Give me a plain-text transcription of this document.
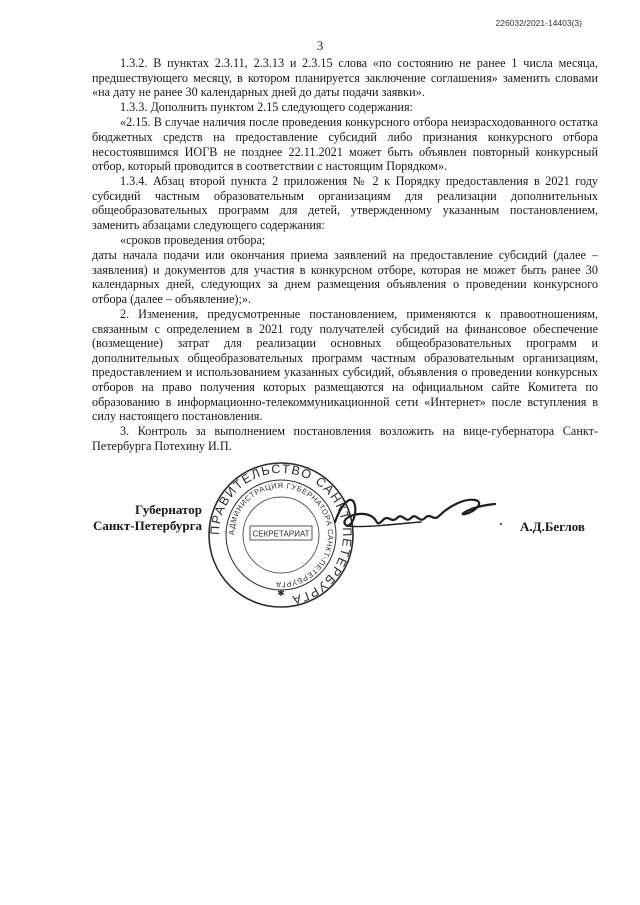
226032/2021-14403(3)
3

1.3.2. В пунктах 2.3.11, 2.3.13 и 2.3.15 слова «по состоянию не ранее 1 числа месяца, предшествующего месяцу, в котором планируется заключение соглашения» заменить словами «на дату не ранее 30 календарных дней до даты подачи заявки».

1.3.3. Дополнить пунктом 2.15 следующего содержания:

«2.15. В случае наличия после проведения конкурсного отбора неизрасходованного остатка бюджетных средств на предоставление субсидий либо признания конкурсного отбора несостоявшимся ИОГВ не позднее 22.11.2021 может быть объявлен повторный конкурсный отбор, который проводится в соответствии с настоящим Порядком».

1.3.4. Абзац второй пункта 2 приложения № 2 к Порядку предоставления в 2021 году субсидий частным образовательным организациям для реализации дополнительных общеобразовательных программ для детей, утвержденному указанным постановлением, заменить абзацами следующего содержания:

«сроков проведения отбора;

даты начала подачи или окончания приема заявлений на предоставление субсидий (далее – заявления) и документов для участия в конкурсном отборе, которая не может быть ранее 30 календарных дней, следующих за днем размещения объявления о проведении конкурсного отбора (далее – объявление);».

2. Изменения, предусмотренные постановлением, применяются к правоотношениям, связанным с определением в 2021 году получателей субсидий на финансовое обеспечение (возмещение) затрат для реализации основных общеобразовательных программ и дополнительных общеобразовательных программ частным образовательным организациям, предоставлением и использованием указанных субсидий, объявления о проведении конкурсных отборов на право получения которых размещаются на официальном сайте Комитета по образованию в информационно-телекоммуникационной сети «Интернет» после вступления в силу настоящего постановления.

3. Контроль за выполнением постановления возложить на вице-губернатора Санкт-Петербурга Потехину И.П.

Губернатор
Санкт-Петербурга ПРАВИТЕЛЬСТВО САНКТ-ПЕТЕРБУРГА
АДМИНИСТРАЦИЯ ГУБЕРНАТОРА САНКТ-ПЕТЕРБУРГА
СЕКРЕТАРИАТ
✱
А.Д.Беглов
